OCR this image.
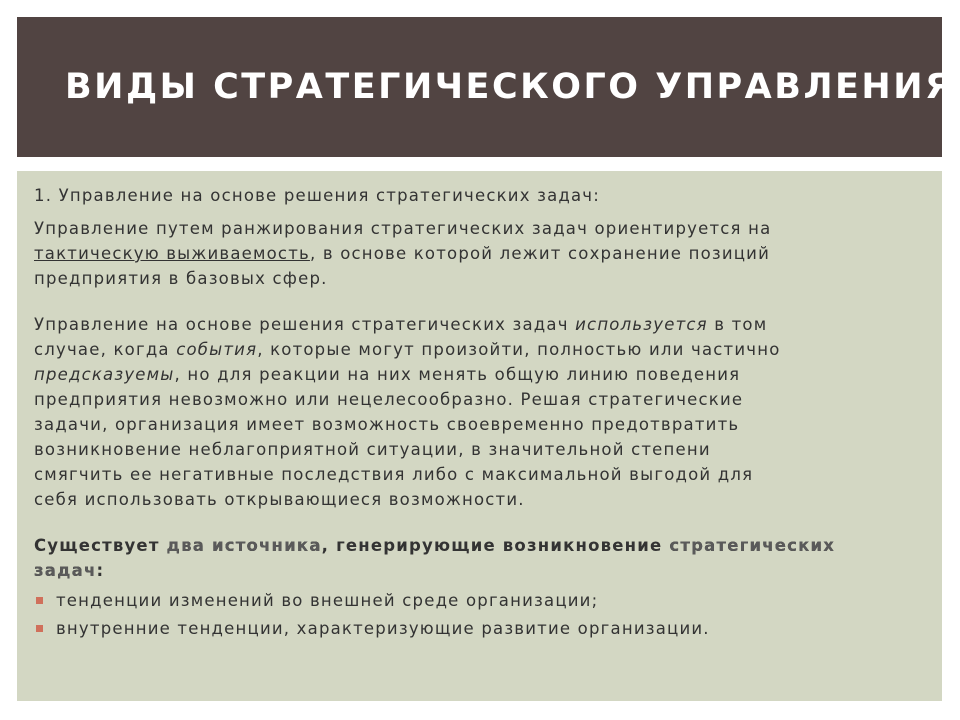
ВИДЫ СТРАТЕГИЧЕСКОГО УПРАВЛЕНИЯ
1. Управление на основе решения стратегических задач:
Управление путем ранжирования стратегических задач ориентируется на
тактическую выживаемость, в основе которой лежит сохранение позиций
предприятия в базовых сфер.
Управление на основе решения стратегических задач используется в том
случае, когда события, которые могут произойти, полностью или частично
предсказуемы, но для реакции на них менять общую линию поведения
предприятия невозможно или нецелесообразно. Решая стратегические
задачи, организация имеет возможность своевременно предотвратить
возникновение неблагоприятной ситуации, в значительной степени
смягчить ее негативные последствия либо с максимальной выгодой для
себя использовать открывающиеся возможности.
Существует два источника, генерирующие возникновение стратегических
задач:
тенденции изменений во внешней среде организации;
внутренние тенденции, характеризующие развитие организации.
